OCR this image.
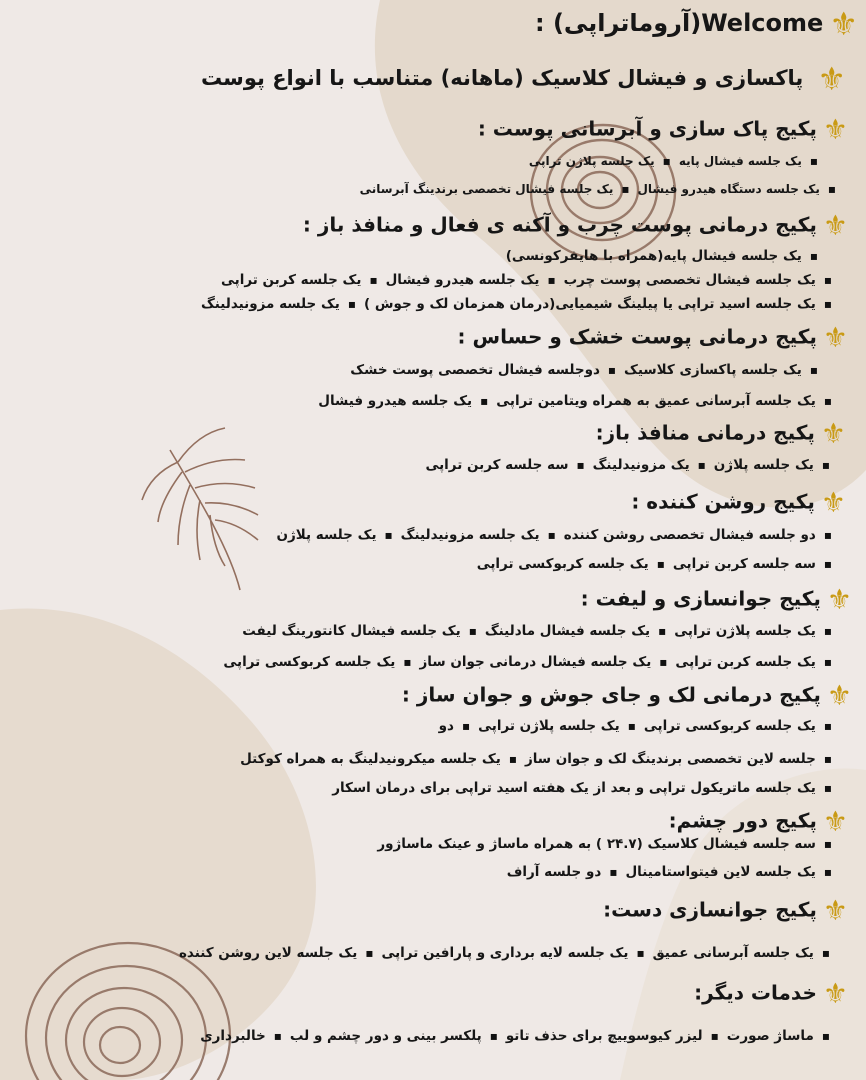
⚜Welcome(آروماتراپی) :
⚜پاکسازی و فیشال کلاسیک (ماهانه) متناسب با انواع پوست
⚜پکیج پاک سازی و آبرسانی پوست :
▪یک جلسه فیشال پایه▪یک جلسه پلاژن تراپی
▪یک جلسه دستگاه هیدرو فیشال▪یک جلسه فیشال تخصصی برندینگ آبرسانی
⚜پکیج درمانی پوست چرب و آکنه ی فعال و منافذ باز :
▪یک جلسه فیشال پایه(همراه با هایفرکونسی)
▪یک جلسه فیشال تخصصی پوست چرب▪یک جلسه هیدرو فیشال▪یک جلسه کربن تراپی
▪یک جلسه اسید تراپی یا پیلینگ شیمیایی(درمان همزمان لک و جوش )▪یک جلسه مزونیدلینگ
⚜پکیج درمانی پوست خشک و حساس :
▪یک جلسه پاکسازی کلاسیک▪دوجلسه فیشال تخصصی پوست خشک
▪یک جلسه آبرسانی عمیق به همراه ویتامین تراپی▪یک جلسه هیدرو فیشال
⚜پکیج درمانی منافذ باز:
▪یک جلسه پلاژن▪یک مزونیدلینگ▪سه جلسه کربن تراپی
⚜پکیج روشن کننده :
▪دو جلسه فیشال تخصصی روشن کننده▪یک جلسه مزونیدلینگ▪یک جلسه پلاژن
▪سه جلسه کربن تراپی▪یک جلسه کربوکسی تراپی
⚜پکیج جوانسازی و لیفت :
▪یک جلسه پلاژن تراپی▪یک جلسه فیشال مادلینگ▪یک جلسه فیشال کانتورینگ لیفت
▪یک جلسه کربن تراپی▪یک جلسه فیشال درمانی جوان ساز▪یک جلسه کربوکسی تراپی
⚜پکیج درمانی لک و جای جوش و جوان ساز :
▪یک جلسه کربوکسی تراپی▪یک جلسه پلاژن تراپی▪دو
▪جلسه لاین تخصصی برندینگ لک و جوان ساز▪یک جلسه میکرونیدلینگ به همراه کوکتل
▪یک جلسه ماتریکول تراپی و بعد از یک هفته اسید تراپی برای درمان اسکار
⚜پکیج دور چشم:
▪سه جلسه فیشال کلاسیک (۲۴.۷ ) به همراه ماساژ و عینک ماساژور
▪یک جلسه لاین فیتواستامینال▪دو جلسه آراف
⚜پکیج جوانسازی دست:
▪یک جلسه آبرسانی عمیق▪یک جلسه لایه برداری و پارافین تراپی▪یک جلسه لاین روشن کننده
⚜خدمات دیگر:
▪ماساژ صورت▪لیزر کیوسوییچ برای حذف تاتو▪پلکسر بینی و دور چشم و لب▪خالبرداری
